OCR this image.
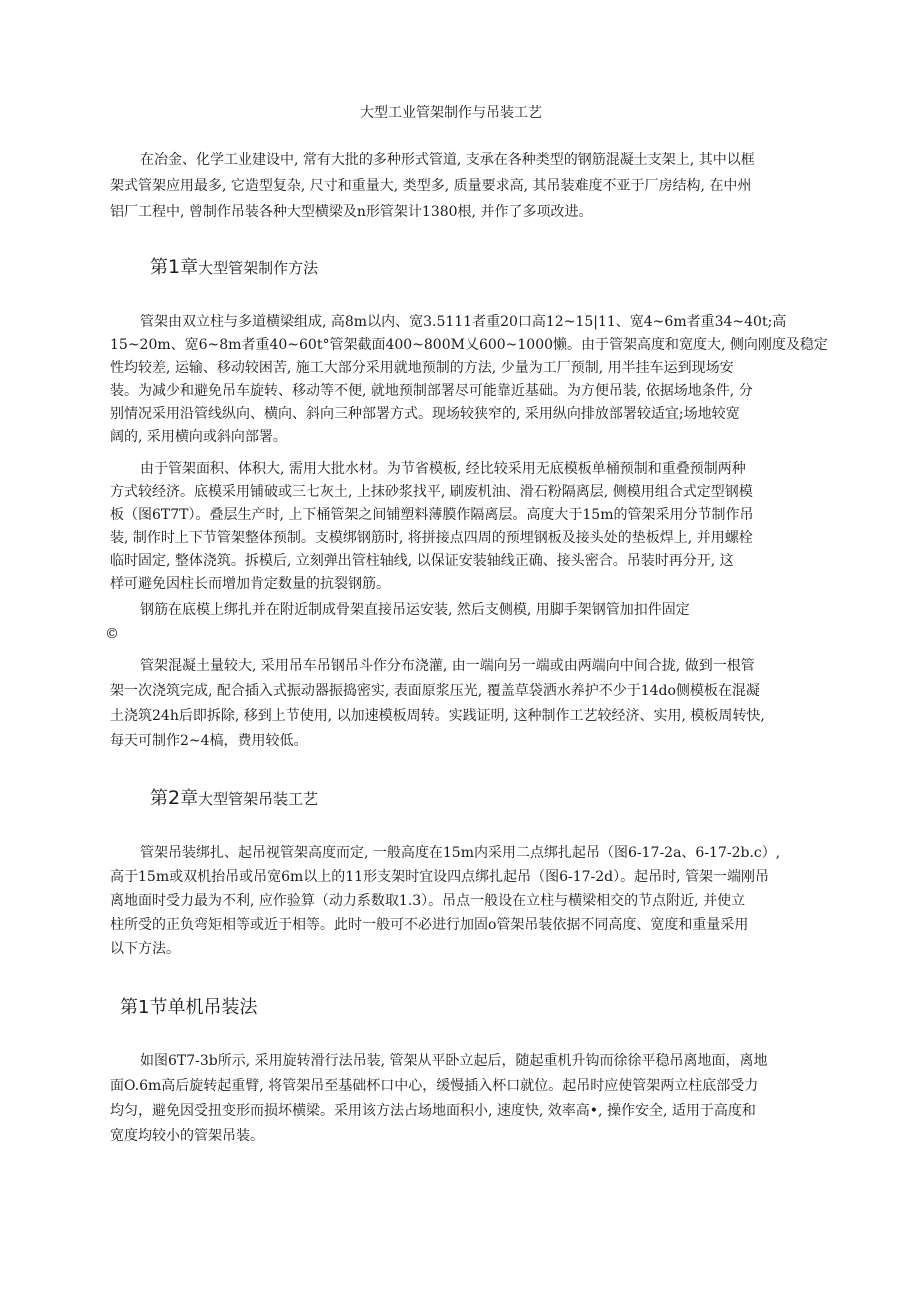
大型工业管架制作与吊装工艺
在冶金、化学工业建设中, 常有大批的多种形式管道, 支承在各种类型的钢筋混凝土支架上, 其中以框
架式管架应用最多, 它造型复杂, 尺寸和重量大, 类型多, 质量要求高, 其吊装难度不亚于厂房结构, 在中州
铝厂工程中, 曾制作吊装各种大型横梁及n形管架计1380根, 并作了多项改进。
第1章大型管架制作方法
管架由双立柱与多道横梁组成, 高8m以内、宽3.5111者重20口高12~15|11、宽4~6m者重34~40t;高
15~20m、宽6~8m者重40~60t°管架截面400~800M乂600~1000懒。由于管架高度和宽度大, 侧向刚度及稳定
性均较差, 运输、移动较困苦, 施工大部分采用就地预制的方法, 少量为工厂预制, 用半挂车运到现场安
装。为减少和避免吊车旋转、移动等不便, 就地预制部署尽可能靠近基础。为方便吊装, 依据场地条件, 分
别情况采用沿管线纵向、横向、斜向三种部署方式。现场较狭窄的, 采用纵向排放部署较适宜;场地较宽
阔的, 采用横向或斜向部署。
由于管架面积、体积大, 需用大批水材。为节省模板, 经比较采用无底模板单桶预制和重叠预制两种
方式较经济。底模采用铺破或三七灰土, 上抹砂浆找平, 刷废机油、滑石粉隔离层, 侧模用组合式定型钢模
板（图6T7T）。叠层生产时, 上下桶管架之间铺塑料薄膜作隔离层。高度大于15m的管架采用分节制作吊
装, 制作时上下节管架整体预制。支模绑钢筋时, 将拼接点四周的预埋钢板及接头处的垫板焊上, 并用螺栓
临时固定, 整体浇筑。拆模后, 立刻弹出管柱轴线, 以保证安装轴线正确、接头密合。吊装时再分开, 这
样可避免因柱长而增加肯定数量的抗裂钢筋。
钢筋在底模上绑扎并在附近制成骨架直接吊运安装, 然后支侧模, 用脚手架钢管加扣件固定
©
管架混凝土量较大, 采用吊车吊钢吊斗作分布浇灌, 由一端向另一端或由两端向中间合拢, 做到一根管
架一次浇筑完成, 配合插入式振动器振捣密实, 表面原浆压光, 覆盖草袋洒水养护不少于14do侧模板在混凝
土浇筑24h后即拆除, 移到上节使用, 以加速模板周转。实践证明, 这种制作工艺较经济、实用, 模板周转快,
每天可制作2~4槁，费用较低。
第2章大型管架吊装工艺
管架吊装绑扎、起吊视管架高度而定, 一般高度在15m内采用二点绑扎起吊（图6-17-2a、6-17-2b.c）,
高于15m或双机抬吊或吊宽6m以上的11形支架时宜设四点绑扎起吊（图6-17-2d）。起吊时, 管架一端刚吊
离地面时受力最为不利, 应作验算（动力系数取1.3）。吊点一般设在立柱与横梁相交的节点附近, 并使立
柱所受的正负弯矩相等或近于相等。此时一般可不必进行加固o管架吊装依据不同高度、宽度和重量采用
以下方法。
第1节单机吊装法
如图6T7-3b所示, 采用旋转滑行法吊装, 管架从平卧立起后，随起重机升钩而徐徐平稳吊离地面，离地
面O.6m高后旋转起重臂, 将管架吊至基础杯口中心，缓慢插入杯口就位。起吊时应使管架两立柱底部受力
均匀，避免因受扭变形而损坏横梁。采用该方法占场地面积小, 速度快, 效率高•, 操作安全, 适用于高度和
宽度均较小的管架吊装。
